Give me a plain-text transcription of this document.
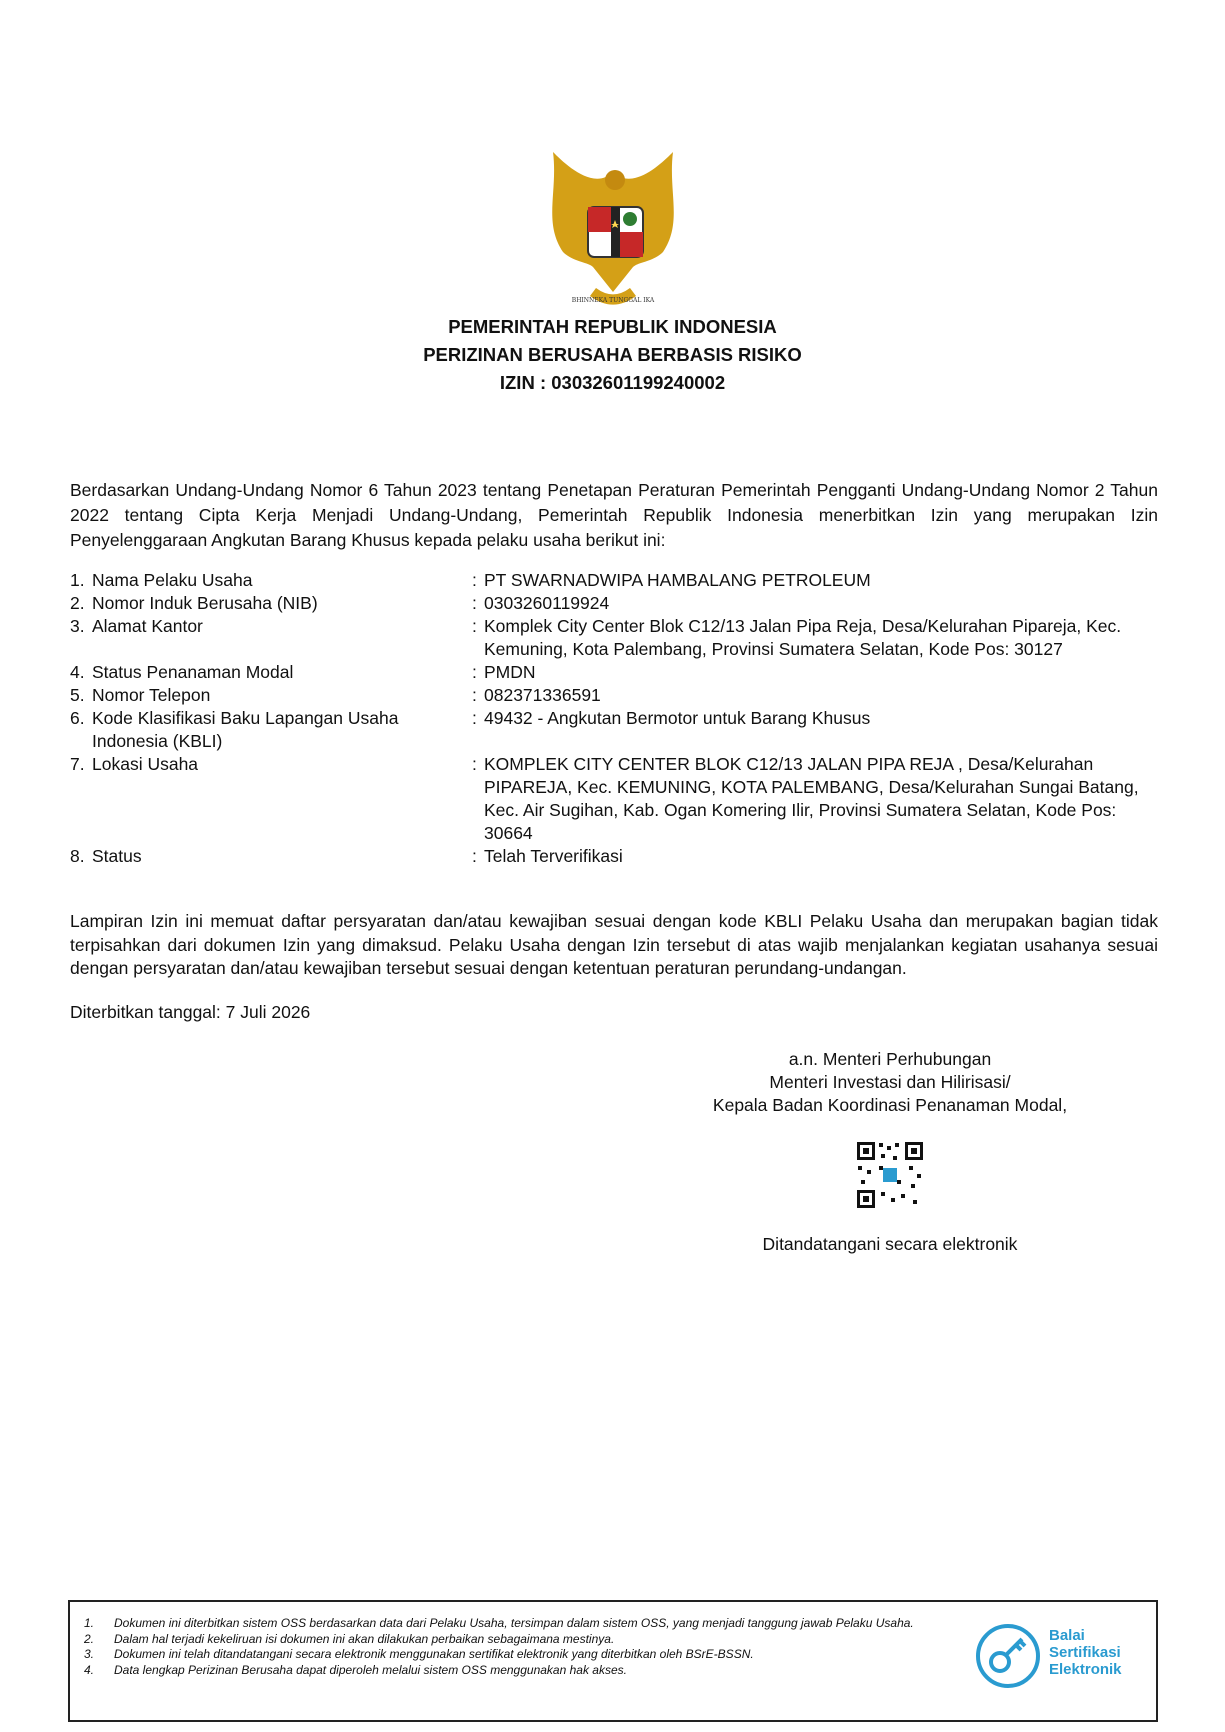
BHINNEKA TUNGGAL IKA
PEMERINTAH REPUBLIK INDONESIA
PERIZINAN BERUSAHA BERBASIS RISIKO
IZIN : 03032601199240002
Berdasarkan Undang-Undang Nomor 6 Tahun 2023 tentang Penetapan Peraturan Pemerintah Pengganti Undang-Undang Nomor 2 Tahun 2022 tentang Cipta Kerja Menjadi Undang-Undang, Pemerintah Republik Indonesia menerbitkan Izin yang merupakan Izin Penyelenggaraan Angkutan Barang Khusus kepada pelaku usaha berikut ini:
1. Nama Pelaku Usaha	: PT SWARNADWIPA HAMBALANG PETROLEUM
2. Nomor Induk Berusaha (NIB)	: 0303260119924
3. Alamat Kantor	: Komplek City Center Blok C12/13 Jalan Pipa Reja, Desa/Kelurahan Pipareja, Kec. Kemuning, Kota Palembang, Provinsi Sumatera Selatan, Kode Pos: 30127
4. Status Penanaman Modal	: PMDN
5. Nomor Telepon	: 082371336591
6. Kode Klasifikasi Baku Lapangan Usaha Indonesia (KBLI)
: 49432 - Angkutan Bermotor untuk Barang Khusus
7. Lokasi Usaha	: KOMPLEK CITY CENTER BLOK C12/13 JALAN PIPA REJA , Desa/Kelurahan PIPAREJA, Kec. KEMUNING, KOTA PALEMBANG, Desa/Kelurahan Sungai Batang, Kec. Air Sugihan, Kab. Ogan Komering Ilir, Provinsi Sumatera Selatan, Kode Pos: 30664
8. Status	: Telah Terverifikasi
Lampiran Izin ini memuat daftar persyaratan dan/atau kewajiban sesuai dengan kode KBLI Pelaku Usaha dan merupakan bagian tidak terpisahkan dari dokumen Izin yang dimaksud. Pelaku Usaha dengan Izin tersebut di atas wajib menjalankan kegiatan usahanya sesuai dengan persyaratan dan/atau kewajiban tersebut sesuai dengan ketentuan peraturan perundang-undangan.
Diterbitkan tanggal: 7 Juli 2026
a.n. Menteri Perhubungan
Menteri Investasi dan Hilirisasi/
Kepala Badan Koordinasi Penanaman Modal,
Ditandatangani secara elektronik
1.	Dokumen ini diterbitkan sistem OSS berdasarkan data dari Pelaku Usaha, tersimpan dalam sistem OSS, yang menjadi tanggung jawab Pelaku Usaha.
2.	Dalam hal terjadi kekeliruan isi dokumen ini akan dilakukan perbaikan sebagaimana mestinya.
3.	Dokumen ini telah ditandatangani secara elektronik menggunakan sertifikat elektronik yang diterbitkan oleh BSrE-BSSN.
4.	Data lengkap Perizinan Berusaha dapat diperoleh melalui sistem OSS menggunakan hak akses.
Balai
Sertifikasi
Elektronik
